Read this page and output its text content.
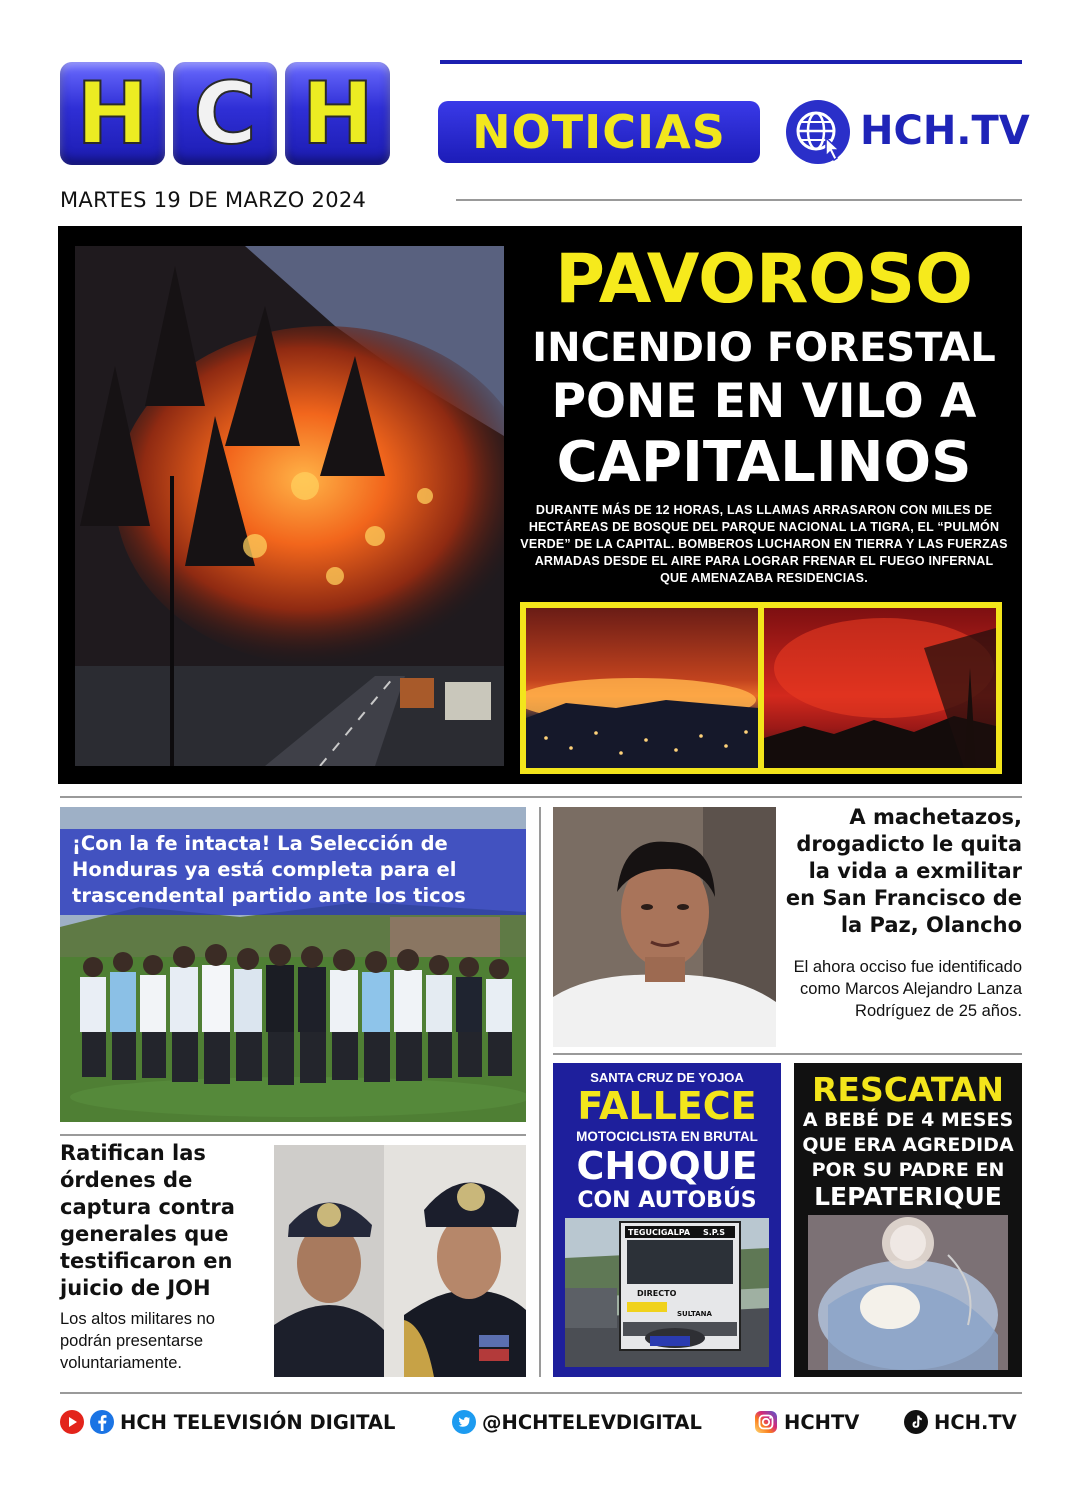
H C H	NOTICIAS	HCH.TV
MARTES 19 DE MARZO 2024
PAVOROSO
INCENDIO FORESTAL
PONE EN VILO A
CAPITALINOS
DURANTE MÁS DE 12 HORAS, LAS LLAMAS ARRASARON CON MILES DE HECTÁREAS DE BOSQUE DEL PARQUE NACIONAL LA TIGRA, EL “PULMÓN VERDE” DE LA CAPITAL. BOMBEROS LUCHARON EN TIERRA Y LAS FUERZAS ARMADAS DESDE EL AIRE PARA LOGRAR FRENAR EL FUEGO INFERNAL QUE AMENAZABA RESIDENCIAS.
¡Con la fe intacta! La Selección de Honduras ya está completa para el trascendental partido ante los ticos
A machetazos, drogadicto le quita la vida a exmilitar en San Francisco de la Paz, Olancho
El ahora occiso fue identificado como Marcos Alejandro Lanza Rodríguez de 25 años.
Ratifican las órdenes de captura contra generales que testificaron en juicio de JOH
Los altos militares no podrán presentarse voluntariamente.
SANTA CRUZ DE YOJOA
FALLECE
MOTOCICLISTA EN BRUTAL
CHOQUE
CON AUTOBÚS
TEGUCIGALPA S.P.S
DIRECTO
SULTANA
RESCATAN
A BEBÉ DE 4 MESES QUE ERA AGREDIDA POR SU PADRE EN
LEPATERIQUE
HCH TELEVISIÓN DIGITAL	@HCHTELEVDIGITAL	HCHTV	HCH.TV
